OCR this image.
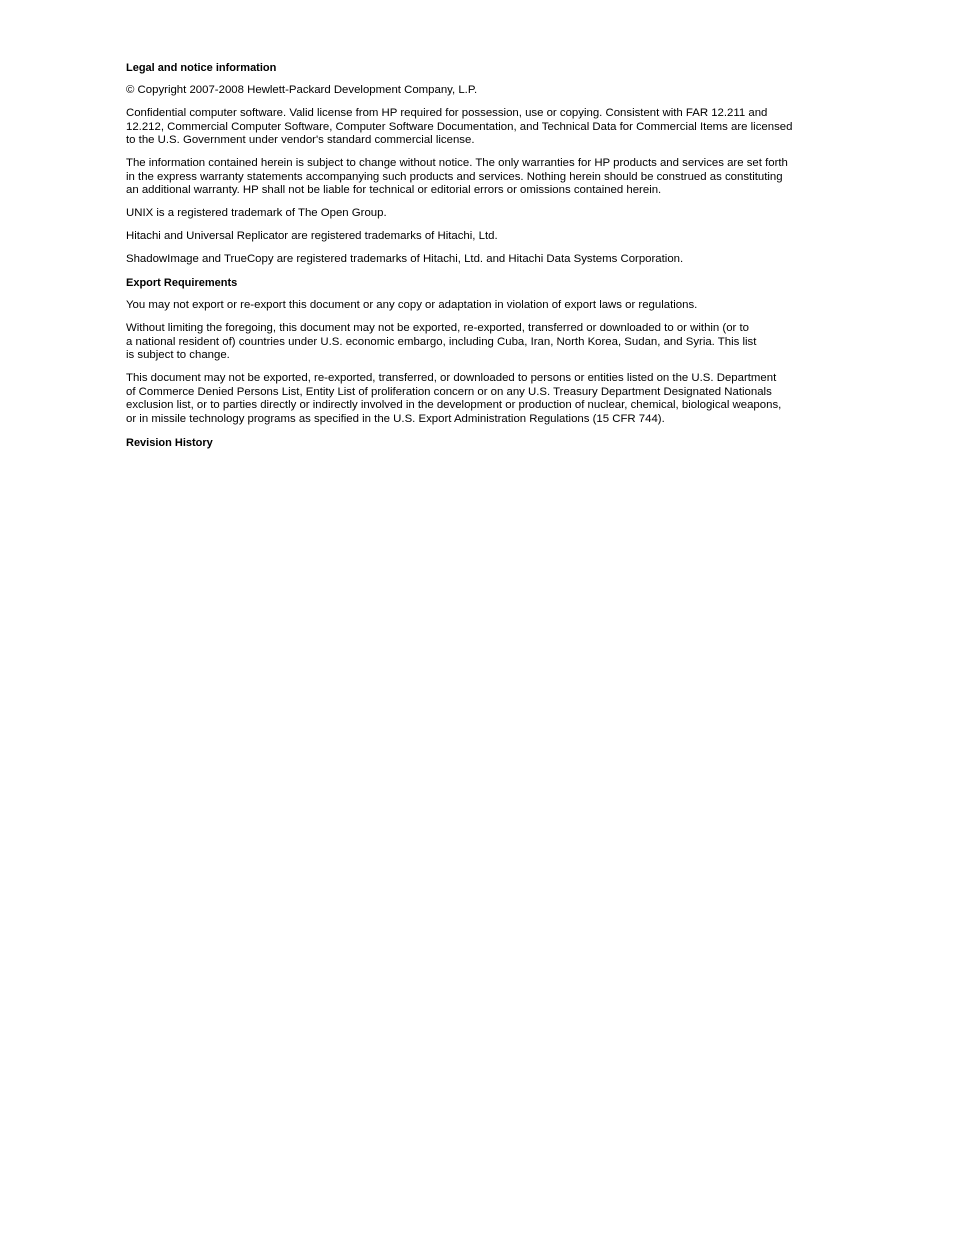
Legal and notice information
© Copyright 2007-2008 Hewlett-Packard Development Company, L.P.
Confidential computer software. Valid license from HP required for possession, use or copying. Consistent with FAR 12.211 and
12.212, Commercial Computer Software, Computer Software Documentation, and Technical Data for Commercial Items are licensed
to the U.S. Government under vendor's standard commercial license.
The information contained herein is subject to change without notice. The only warranties for HP products and services are set forth
in the express warranty statements accompanying such products and services. Nothing herein should be construed as constituting
an additional warranty. HP shall not be liable for technical or editorial errors or omissions contained herein.
UNIX is a registered trademark of The Open Group.
Hitachi and Universal Replicator are registered trademarks of Hitachi, Ltd.
ShadowImage and TrueCopy are registered trademarks of Hitachi, Ltd. and Hitachi Data Systems Corporation.
Export Requirements
You may not export or re-export this document or any copy or adaptation in violation of export laws or regulations.
Without limiting the foregoing, this document may not be exported, re-exported, transferred or downloaded to or within (or to
a national resident of) countries under U.S. economic embargo, including Cuba, Iran, North Korea, Sudan, and Syria. This list
is subject to change.
This document may not be exported, re-exported, transferred, or downloaded to persons or entities listed on the U.S. Department
of Commerce Denied Persons List, Entity List of proliferation concern or on any U.S. Treasury Department Designated Nationals
exclusion list, or to parties directly or indirectly involved in the development or production of nuclear, chemical, biological weapons,
or in missile technology programs as specified in the U.S. Export Administration Regulations (15 CFR 744).
Revision History
